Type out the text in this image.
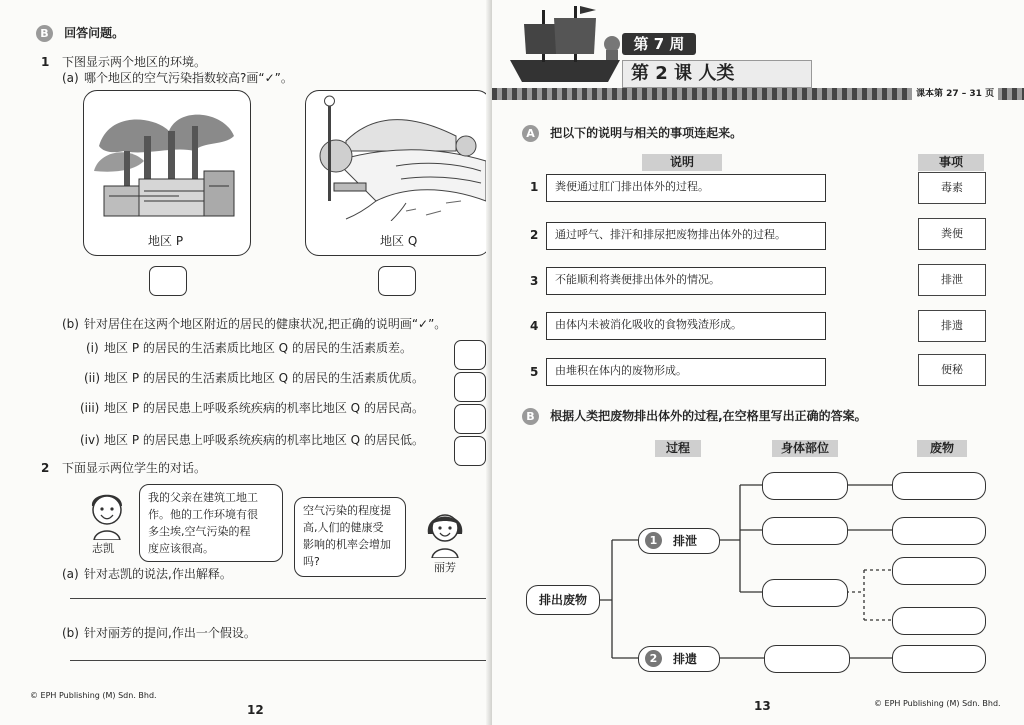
B 回答问题。
1 下图显示两个地区的环境。
(a) 哪个地区的空气污染指数较高?画“✓”。
地区 P	地区 Q
(b) 针对居住在这两个地区附近的居民的健康状况,把正确的说明画“✓”。
(i) 地区 P 的居民的生活素质比地区 Q 的居民的生活素质差。
(ii) 地区 P 的居民的生活素质比地区 Q 的居民的生活素质优质。
(iii) 地区 P 的居民患上呼吸系统疾病的机率比地区 Q 的居民高。
(iv) 地区 P 的居民患上呼吸系统疾病的机率比地区 Q 的居民低。
2 下面显示两位学生的对话。
志凯
我的父亲在建筑工地工
作。他的工作环境有很
多尘埃,空气污染的程
度应该很高。
空气污染的程度提
高,人们的健康受
影响的机率会增加
吗?	丽芳
(a) 针对志凯的说法,作出解释。
(b) 针对丽芳的提问,作出一个假设。
© EPH Publishing (M) Sdn. Bhd.
12
第 7 周
第 2 课 人类
课本第 27 – 31 页
A 把以下的说明与相关的事项连起来。
说明	事项
1	粪便通过肛门排出体外的过程。	毒素
2	通过呼气、排汗和排尿把废物排出体外的过程。	粪便
3	不能顺利将粪便排出体外的情况。	排泄
4	由体内未被消化吸收的食物残渣形成。	排遗
5	由堆积在体内的废物形成。	便秘
B 根据人类把废物排出体外的过程,在空格里写出正确的答案。
过程	身体部位	废物
排出废物
1	排泄
2	排遗
13	© EPH Publishing (M) Sdn. Bhd.
